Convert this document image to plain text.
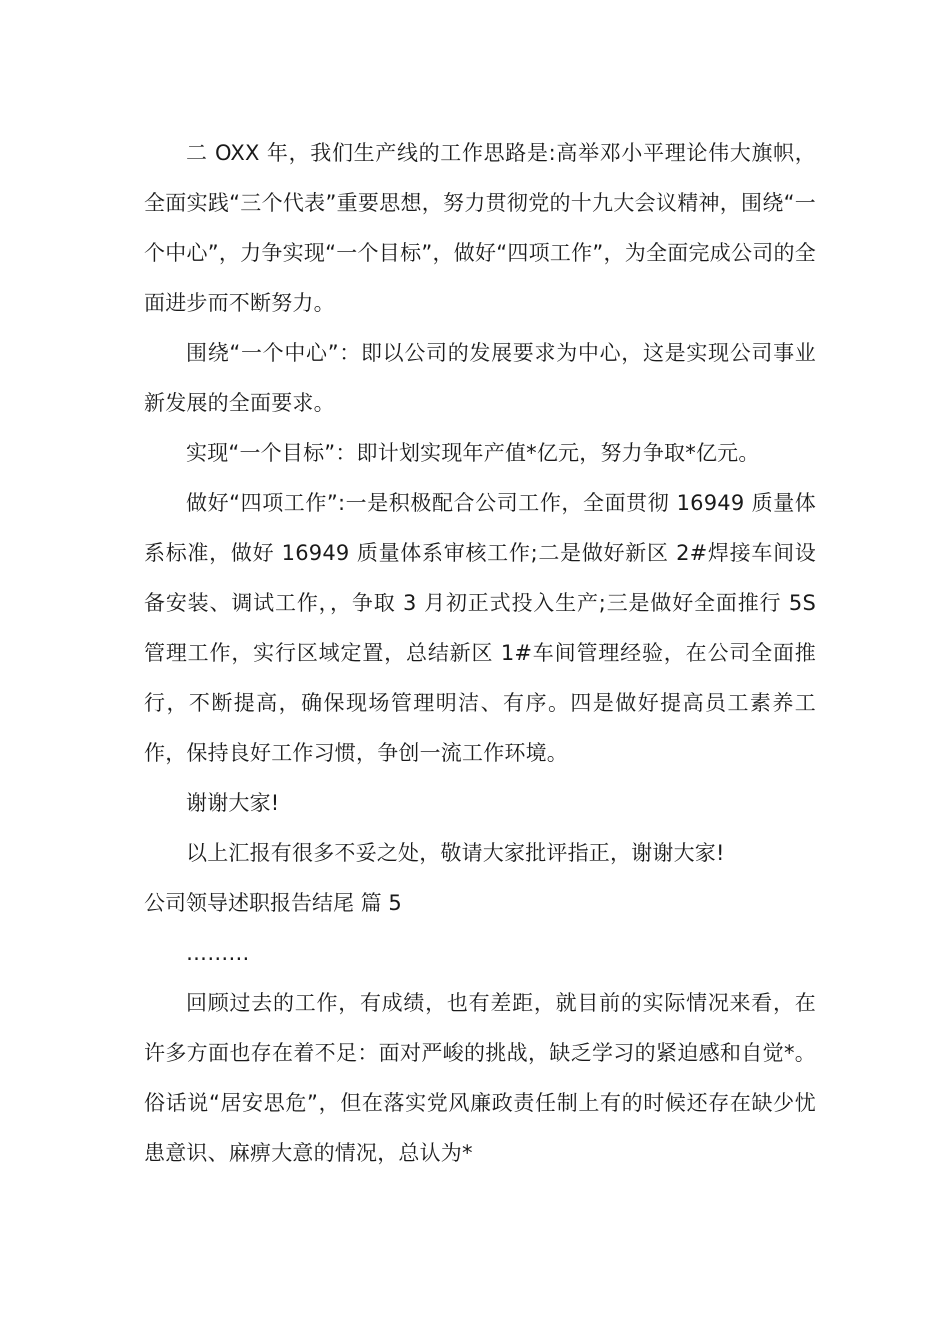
二 OXX 年，我们生产线的工作思路是:高举邓小平理论伟大旗帜，全面实践“三个代表”重要思想，努力贯彻党的十九大会议精神，围绕“一个中心”，力争实现“一个目标”，做好“四项工作”，为全面完成公司的全面进步而不断努力。

围绕“一个中心”：即以公司的发展要求为中心，这是实现公司事业新发展的全面要求。

实现“一个目标”：即计划实现年产值*亿元，努力争取*亿元。

做好“四项工作”:一是积极配合公司工作，全面贯彻 16949 质量体系标准，做好 16949 质量体系审核工作;二是做好新区 2#焊接车间设备安装、调试工作，，争取 3 月初正式投入生产;三是做好全面推行 5S 管理工作，实行区域定置，总结新区 1#车间管理经验，在公司全面推行，不断提高，确保现场管理明洁、有序。四是做好提高员工素养工作，保持良好工作习惯，争创一流工作环境。

谢谢大家!

以上汇报有很多不妥之处，敬请大家批评指正，谢谢大家!

公司领导述职报告结尾 篇 5

………

回顾过去的工作，有成绩，也有差距，就目前的实际情况来看，在许多方面也存在着不足：面对严峻的挑战，缺乏学习的紧迫感和自觉*。俗话说“居安思危”，但在落实党风廉政责任制上有的时候还存在缺少忧患意识、麻痹大意的情况，总认为*
